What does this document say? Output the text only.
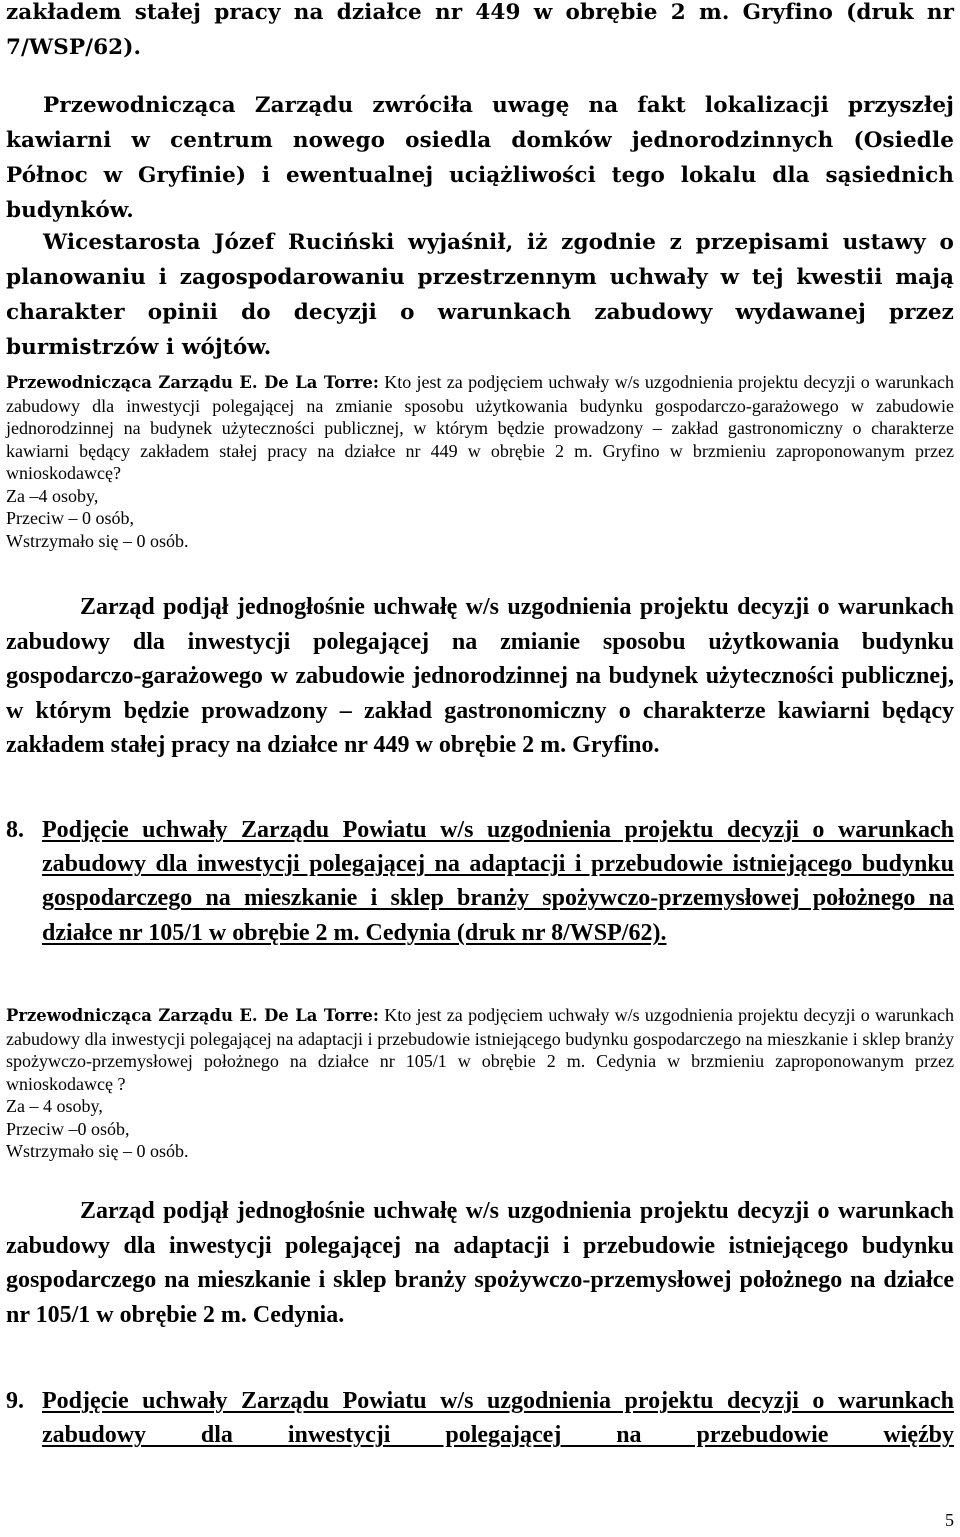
zakładem stałej pracy na działce nr 449 w obrębie 2 m. Gryfino (druk nr 7/WSP/62).

Przewodnicząca Zarządu zwróciła uwagę na fakt lokalizacji przyszłej kawiarni w centrum nowego osiedla domków jednorodzinnych (Osiedle Północ w Gryfinie) i ewentualnej uciążliwości tego lokalu dla sąsiednich budynków.

Wicestarosta Józef Ruciński wyjaśnił, iż zgodnie z przepisami ustawy o planowaniu i zagospodarowaniu przestrzennym uchwały w tej kwestii mają charakter opinii do decyzji o warunkach zabudowy wydawanej przez burmistrzów i wójtów.

Przewodnicząca Zarządu E. De La Torre: Kto jest za podjęciem uchwały w/s uzgodnienia projektu decyzji o warunkach zabudowy dla inwestycji polegającej na zmianie sposobu użytkowania budynku gospodarczo-garażowego w zabudowie jednorodzinnej na budynek użyteczności publicznej, w którym będzie prowadzony – zakład gastronomiczny o charakterze kawiarni będący zakładem stałej pracy na działce nr 449 w obrębie 2 m. Gryfino w brzmieniu zaproponowanym przez wnioskodawcę?

Za –4 osoby,
Przeciw – 0 osób,
Wstrzymało się – 0 osób.

Zarząd podjął jednogłośnie uchwałę w/s uzgodnienia projektu decyzji o warunkach zabudowy dla inwestycji polegającej na zmianie sposobu użytkowania budynku gospodarczo-garażowego w zabudowie jednorodzinnej na budynek użyteczności publicznej, w którym będzie prowadzony – zakład gastronomiczny o charakterze kawiarni będący zakładem stałej pracy na działce nr 449 w obrębie 2 m. Gryfino.

8. Podjęcie uchwały Zarządu Powiatu w/s uzgodnienia projektu decyzji o warunkach zabudowy dla inwestycji polegającej na adaptacji i przebudowie istniejącego budynku gospodarczego na mieszkanie i sklep branży spożywczo-przemysłowej położnego na działce nr 105/1 w obrębie 2 m. Cedynia (druk nr 8/WSP/62).

Przewodnicząca Zarządu E. De La Torre: Kto jest za podjęciem uchwały w/s uzgodnienia projektu decyzji o warunkach zabudowy dla inwestycji polegającej na adaptacji i przebudowie istniejącego budynku gospodarczego na mieszkanie i sklep branży spożywczo-przemysłowej położnego na działce nr 105/1 w obrębie 2 m. Cedynia w brzmieniu zaproponowanym przez wnioskodawcę ?

Za – 4 osoby,
Przeciw –0 osób,
Wstrzymało się – 0 osób.

Zarząd podjął jednogłośnie uchwałę w/s uzgodnienia projektu decyzji o warunkach zabudowy dla inwestycji polegającej na adaptacji i przebudowie istniejącego budynku gospodarczego na mieszkanie i sklep branży spożywczo-przemysłowej położnego na działce nr 105/1 w obrębie 2 m. Cedynia.

9. Podjęcie uchwały Zarządu Powiatu w/s uzgodnienia projektu decyzji o warunkach zabudowy dla inwestycji polegającej na przebudowie więźby
5
